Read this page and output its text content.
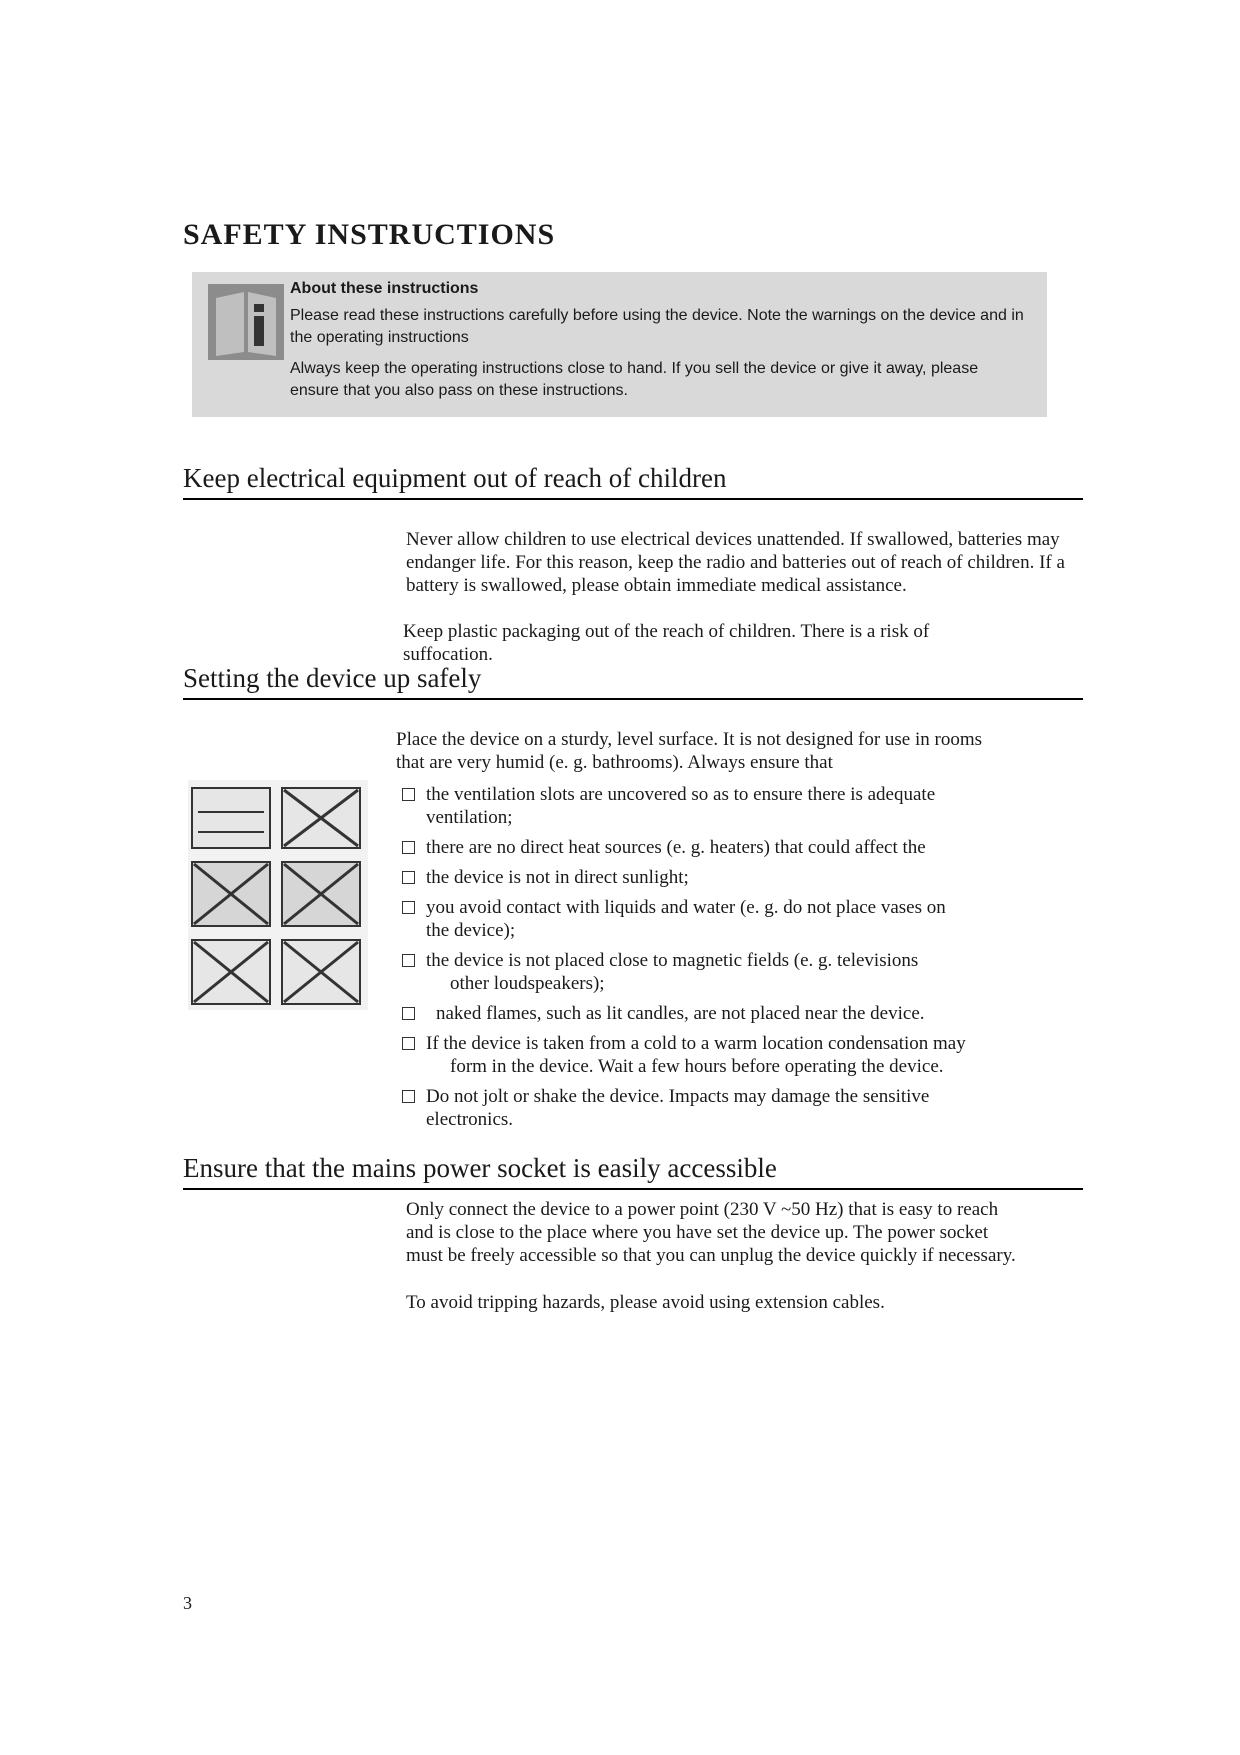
SAFETY INSTRUCTIONS
About these instructions
Please read these instructions carefully before using the device. Note the warnings on the device and in the operating instructions
Always keep the operating instructions close to hand. If you sell the device or give it away, please ensure that you also pass on these instructions.
Keep electrical equipment out of reach of children
Never allow children to use electrical devices unattended. If swallowed, batteries may endanger life. For this reason, keep the radio and batteries out of reach of children. If a battery is swallowed, please obtain immediate medical assistance.
Keep plastic packaging out of the reach of children. There is a risk of suffocation.
Setting the device up safely
Place the device on a sturdy, level surface. It is not designed for use in rooms that are very humid (e. g. bathrooms). Always ensure that
the ventilation slots are uncovered so as to ensure there is adequate
ventilation;
there are no direct heat sources (e. g. heaters) that could affect the
the device is not in direct sunlight;
you avoid contact with liquids and water (e. g. do not place vases on
the device);
the device is not placed close to magnetic fields (e. g. televisions
other loudspeakers);
naked flames, such as lit candles, are not placed near the device.
If the device is taken from a cold to a warm location condensation may
form in the device. Wait a few hours before operating the device.
Do not jolt or shake the device. Impacts may damage the sensitive
electronics.
Ensure that the mains power socket is easily accessible
Only connect the device to a power point (230 V ~50 Hz) that is easy to reach and is close to the place where you have set the device up. The power socket must be freely accessible so that you can unplug the device quickly if necessary.
To avoid tripping hazards, please avoid using extension cables.
3
